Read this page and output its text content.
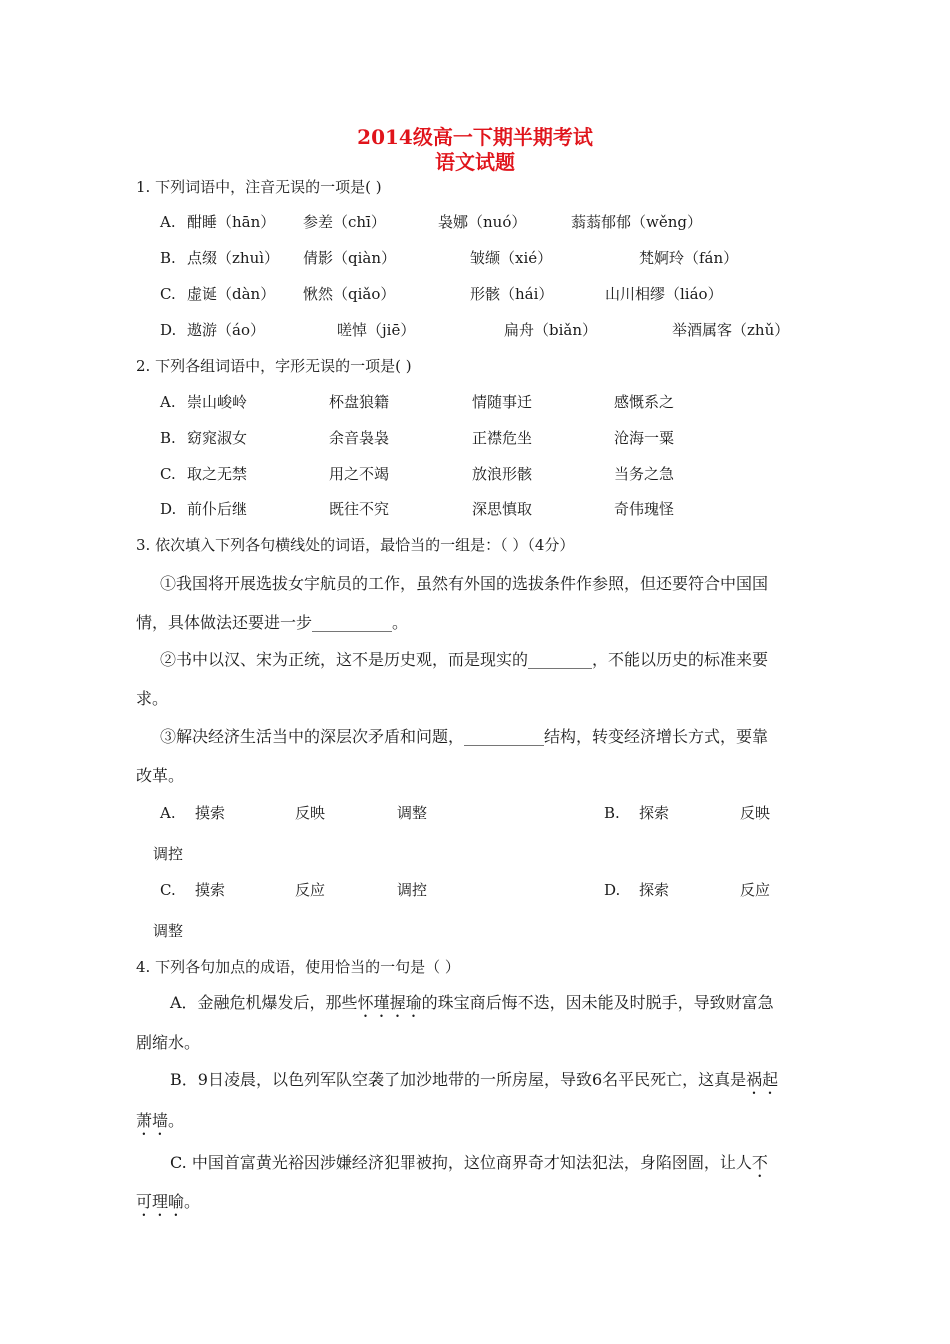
2014级高一下期半期考试
语文试题
1. 下列词语中，注音无误的一项是( )
A. 酣睡（hān） 参差（chī）	袅娜（nuó）	蓊蓊郁郁（wěng）
B. 点缀（zhuì） 倩影（qiàn）	皱缬（xié）	梵婀玲（fán）
C. 虚诞（dàn） 愀然（qiǎo）	形骸（hái）	山川相缪（liáo）
D. 遨游（áo）	嗟悼（jiē）	扁舟（biǎn）	举酒属客（zhǔ）
2. 下列各组词语中，字形无误的一项是( )
A. 崇山峻岭	杯盘狼籍	情随事迁	感慨系之
B. 窈窕淑女	余音袅袅	正襟危坐	沧海一粟
C. 取之无禁	用之不竭	放浪形骸	当务之急
D. 前仆后继	既往不究	深思慎取	奇伟瑰怪
3. 依次填入下列各句横线处的词语，最恰当的一组是：（ ）（4分）
①我国将开展选拔女宇航员的工作，虽然有外国的选拔条件作参照，但还要符合中国国
情，具体做法还要进一步__________。
②书中以汉、宋为正统，这不是历史观，而是现实的________，不能以历史的标准来要
求。
③解决经济生活当中的深层次矛盾和问题，__________结构，转变经济增长方式，要靠
改革。
A. 摸索	反映	调整	B. 探索	反映
调控
C. 摸索	反应	调控	D. 探索	反应
调整
4. 下列各句加点的成语，使用恰当的一句是（ ）
A．金融危机爆发后，那些怀瑾握瑜的珠宝商后悔不迭，因未能及时脱手，导致财富急
剧缩水。
B．9日凌晨，以色列军队空袭了加沙地带的一所房屋，导致6名平民死亡，这真是祸起
萧墙。
C. 中国首富黄光裕因涉嫌经济犯罪被拘，这位商界奇才知法犯法，身陷囹圄，让人不
可理喻。
